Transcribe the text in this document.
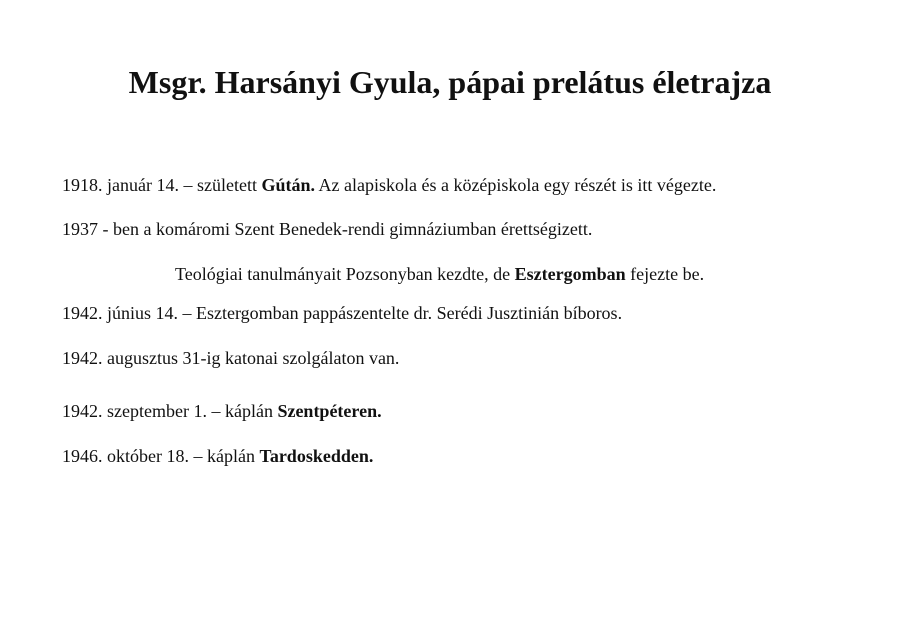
Msgr. Harsányi Gyula, pápai prelátus életrajza
1918. január 14. – született Gútán. Az alapiskola és a középiskola egy részét is itt végezte.
1937 - ben a komáromi Szent Benedek-rendi gimnáziumban érettségizett.
Teológiai tanulmányait Pozsonyban kezdte, de Esztergomban fejezte be.
1942. június 14. – Esztergomban pappászentelte dr. Serédi Jusztinián bíboros.
1942. augusztus 31-ig katonai szolgálaton van.
1942. szeptember 1. – káplán Szentpéteren.
1946. október 18. – káplán Tardoskedden.
